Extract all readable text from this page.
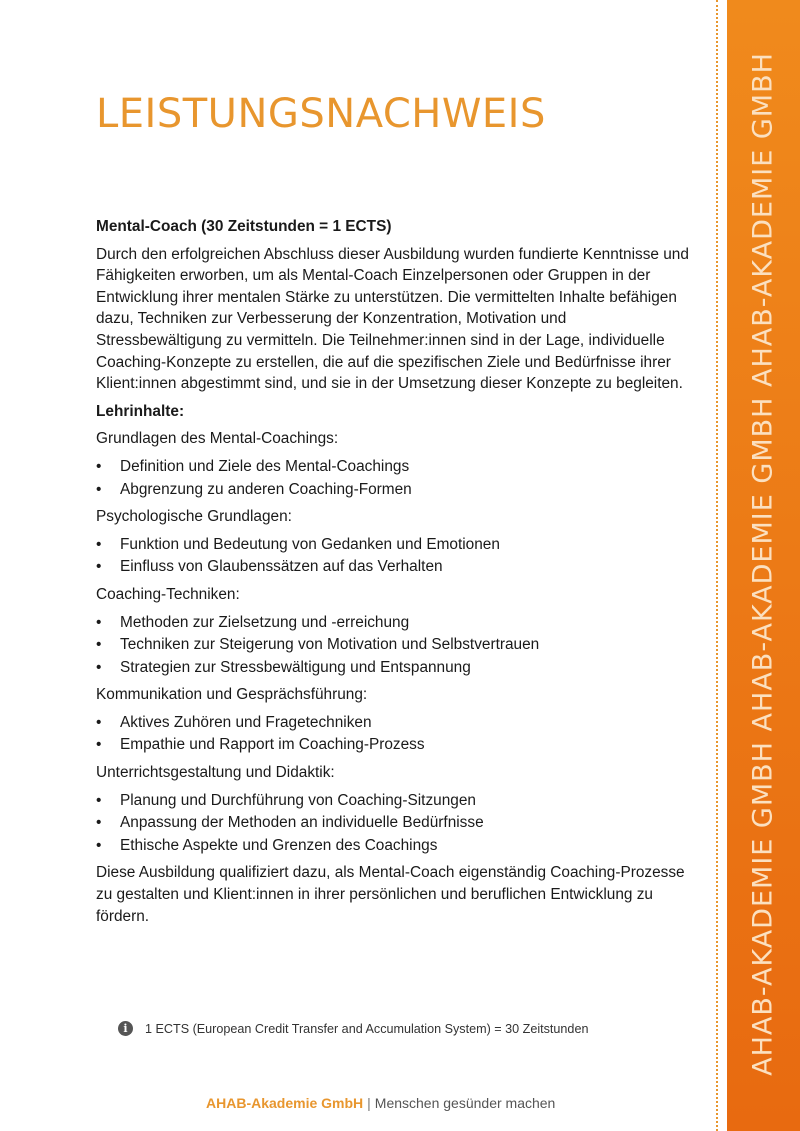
LEISTUNGSNACHWEIS

Mental-Coach (30 Zeitstunden = 1 ECTS)

Durch den erfolgreichen Abschluss dieser Ausbildung wurden fundierte Kenntnisse und Fähigkeiten erworben, um als Mental-Coach Einzelpersonen oder Gruppen in der Entwicklung ihrer mentalen Stärke zu unterstützen. Die vermittelten Inhalte befähigen dazu, Techniken zur Verbesserung der Konzentration, Motivation und Stressbewältigung zu vermitteln. Die Teilnehmer:innen sind in der Lage, individuelle Coaching-Konzepte zu erstellen, die auf die spezifischen Ziele und Bedürfnisse ihrer Klient:innen abgestimmt sind, und sie in der Umsetzung dieser Konzepte zu begleiten.

Lehrinhalte:

Grundlagen des Mental-Coachings:

• Definition und Ziele des Mental-Coachings
• Abgrenzung zu anderen Coaching-Formen

Psychologische Grundlagen:

• Funktion und Bedeutung von Gedanken und Emotionen
• Einfluss von Glaubenssätzen auf das Verhalten

Coaching-Techniken:

• Methoden zur Zielsetzung und -erreichung
• Techniken zur Steigerung von Motivation und Selbstvertrauen
• Strategien zur Stressbewältigung und Entspannung

Kommunikation und Gesprächsführung:

• Aktives Zuhören und Fragetechniken
• Empathie und Rapport im Coaching-Prozess

Unterrichtsgestaltung und Didaktik:

• Planung und Durchführung von Coaching-Sitzungen
• Anpassung der Methoden an individuelle Bedürfnisse
• Ethische Aspekte und Grenzen des Coachings

Diese Ausbildung qualifiziert dazu, als Mental-Coach eigenständig Coaching-Prozesse zu gestalten und Klient:innen in ihrer persönlichen und beruflichen Entwicklung zu fördern.

i	1 ECTS (European Credit Transfer and Accumulation System) = 30 Zeitstunden
AHAB-Akademie GmbH | Menschen gesünder machen
AHAB-AKADEMIE GMBH AHAB-AKADEMIE GMBH AHAB-AKADEMIE GMBH
